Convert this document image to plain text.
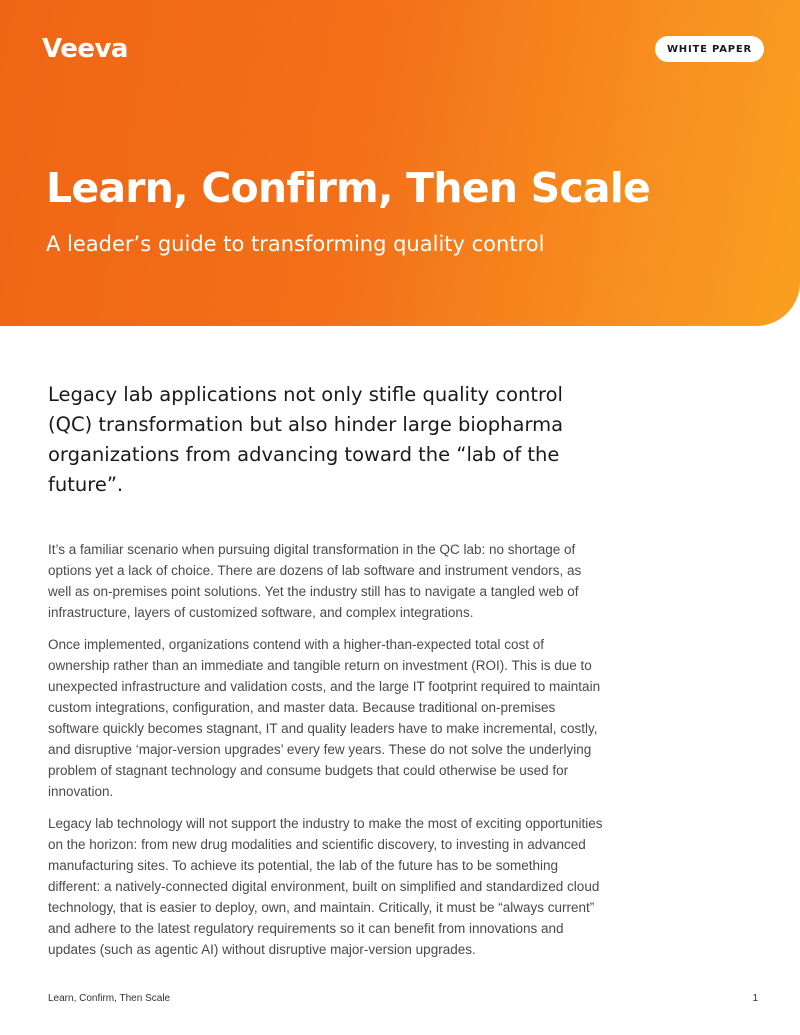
Veeva	WHITE PAPER
Learn, Confirm, Then Scale
A leader’s guide to transforming quality control
Legacy lab applications not only stifle quality control (QC) transformation but also hinder large biopharma organizations from advancing toward the “lab of the future”.

It’s a familiar scenario when pursuing digital transformation in the QC lab: no shortage of options yet a lack of choice. There are dozens of lab software and instrument vendors, as well as on-premises point solutions. Yet the industry still has to navigate a tangled web of infrastructure, layers of customized software, and complex integrations.

Once implemented, organizations contend with a higher-than-expected total cost of ownership rather than an immediate and tangible return on investment (ROI). This is due to unexpected infrastructure and validation costs, and the large IT footprint required to maintain custom integrations, configuration, and master data. Because traditional on-premises software quickly becomes stagnant, IT and quality leaders have to make incremental, costly, and disruptive ‘major-version upgrades’ every few years. These do not solve the underlying problem of stagnant technology and consume budgets that could otherwise be used for innovation.

Legacy lab technology will not support the industry to make the most of exciting opportunities on the horizon: from new drug modalities and scientific discovery, to investing in advanced manufacturing sites. To achieve its potential, the lab of the future has to be something different: a natively-connected digital environment, built on simplified and standardized cloud technology, that is easier to deploy, own, and maintain. Critically, it must be “always current” and adhere to the latest regulatory requirements so it can benefit from innovations and updates (such as agentic AI) without disruptive major-version upgrades.

Learn, Confirm, Then Scale	1
